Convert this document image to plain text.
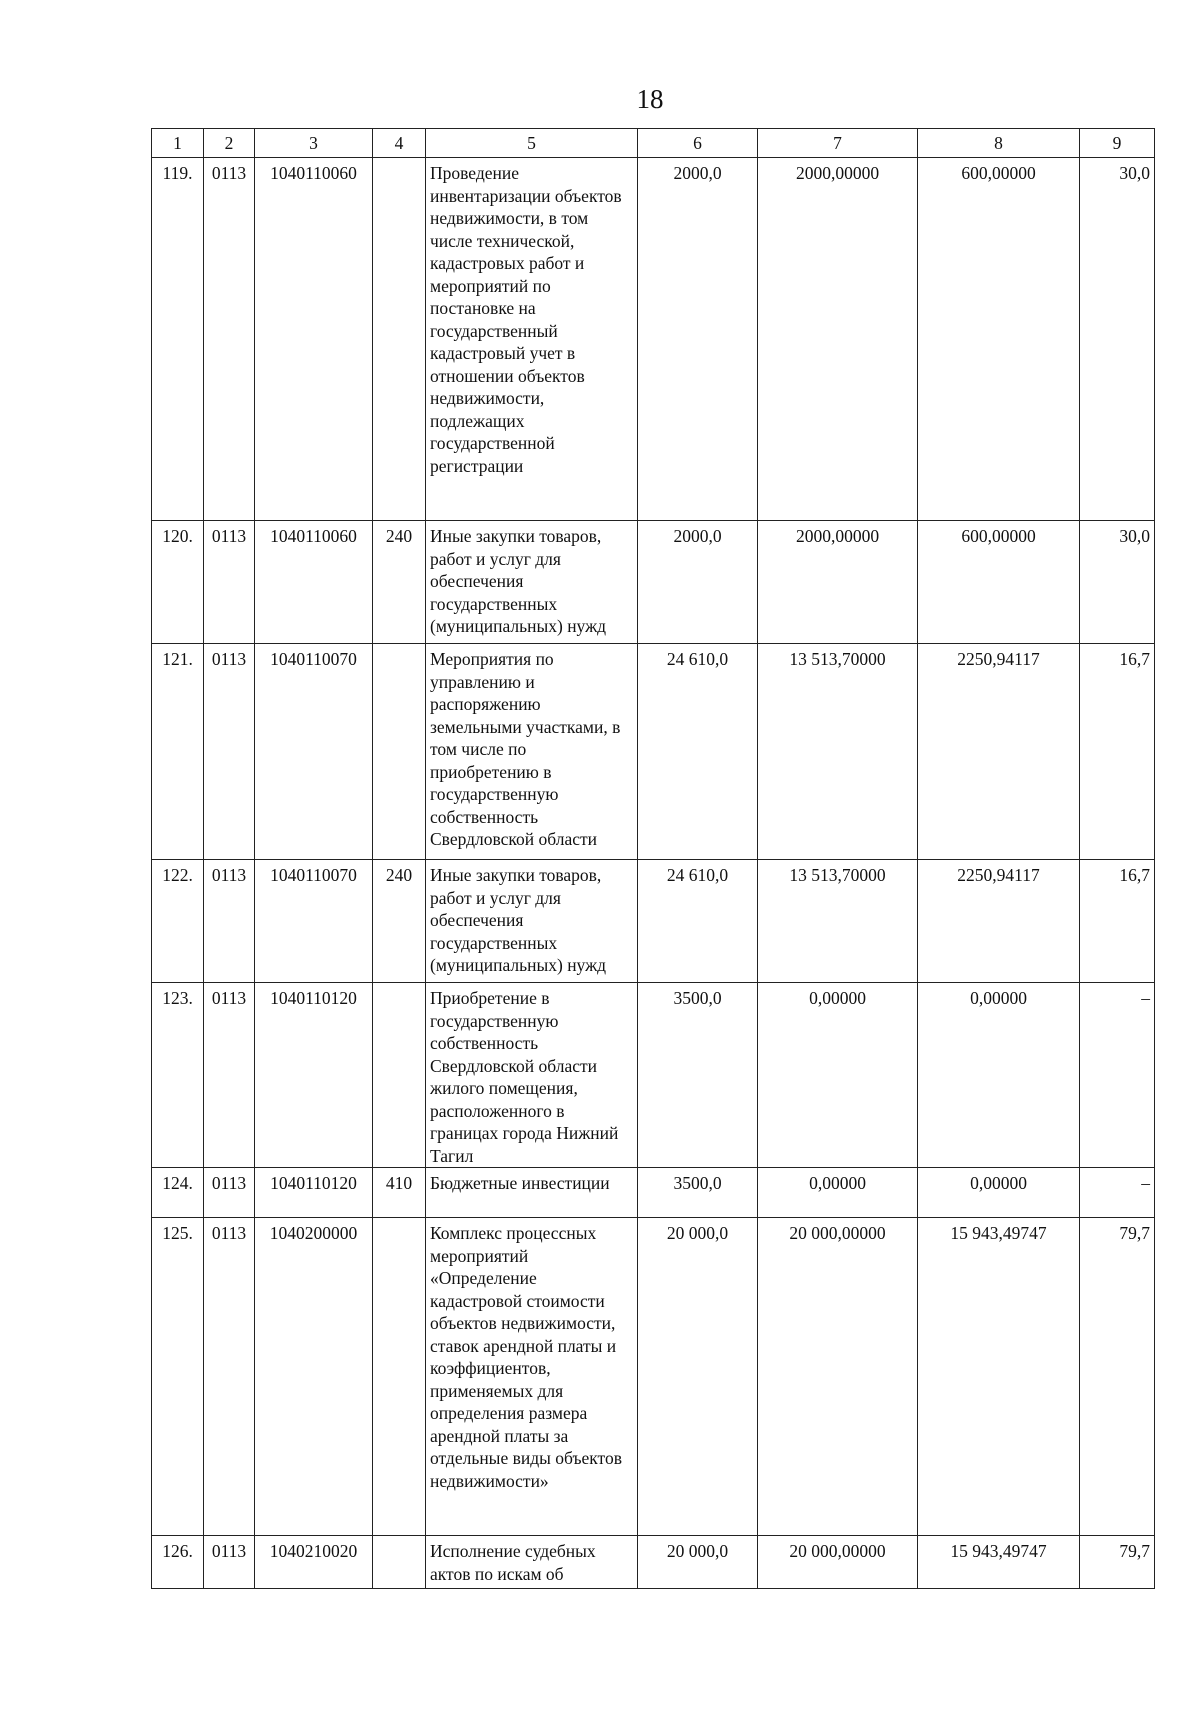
18
1	2	3	4	5	6	7	8	9
119.	0113	1040110060		Проведение инвентаризации объектов недвижимости, в том числе технической, кадастровых работ и мероприятий по постановке на государственный кадастровый учет в отношении объектов недвижимости, подлежащих государственной регистрации	2000,0	2000,00000	600,00000	30,0
120.	0113	1040110060	240	Иные закупки товаров, работ и услуг для обеспечения государственных (муниципальных) нужд	2000,0	2000,00000	600,00000	30,0
121.	0113	1040110070		Мероприятия по управлению и распоряжению земельными участками, в том числе по приобретению в государственную собственность Свердловской области	24 610,0	13 513,70000	2250,94117	16,7
122.	0113	1040110070	240	Иные закупки товаров, работ и услуг для обеспечения государственных (муниципальных) нужд	24 610,0	13 513,70000	2250,94117	16,7
123.	0113	1040110120		Приобретение в государственную собственность Свердловской области жилого помещения, расположенного в границах города Нижний Тагил	3500,0	0,00000	0,00000	–
124.	0113	1040110120	410	Бюджетные инвестиции	3500,0	0,00000	0,00000	–
125.	0113	1040200000		Комплекс процессных мероприятий «Определение кадастровой стоимости объектов недвижимости, ставок арендной платы и коэффициентов, применяемых для определения размера арендной платы за отдельные виды объектов недвижимости»	20 000,0	20 000,00000	15 943,49747	79,7
126.	0113	1040210020		Исполнение судебных актов по искам об	20 000,0	20 000,00000	15 943,49747	79,7
